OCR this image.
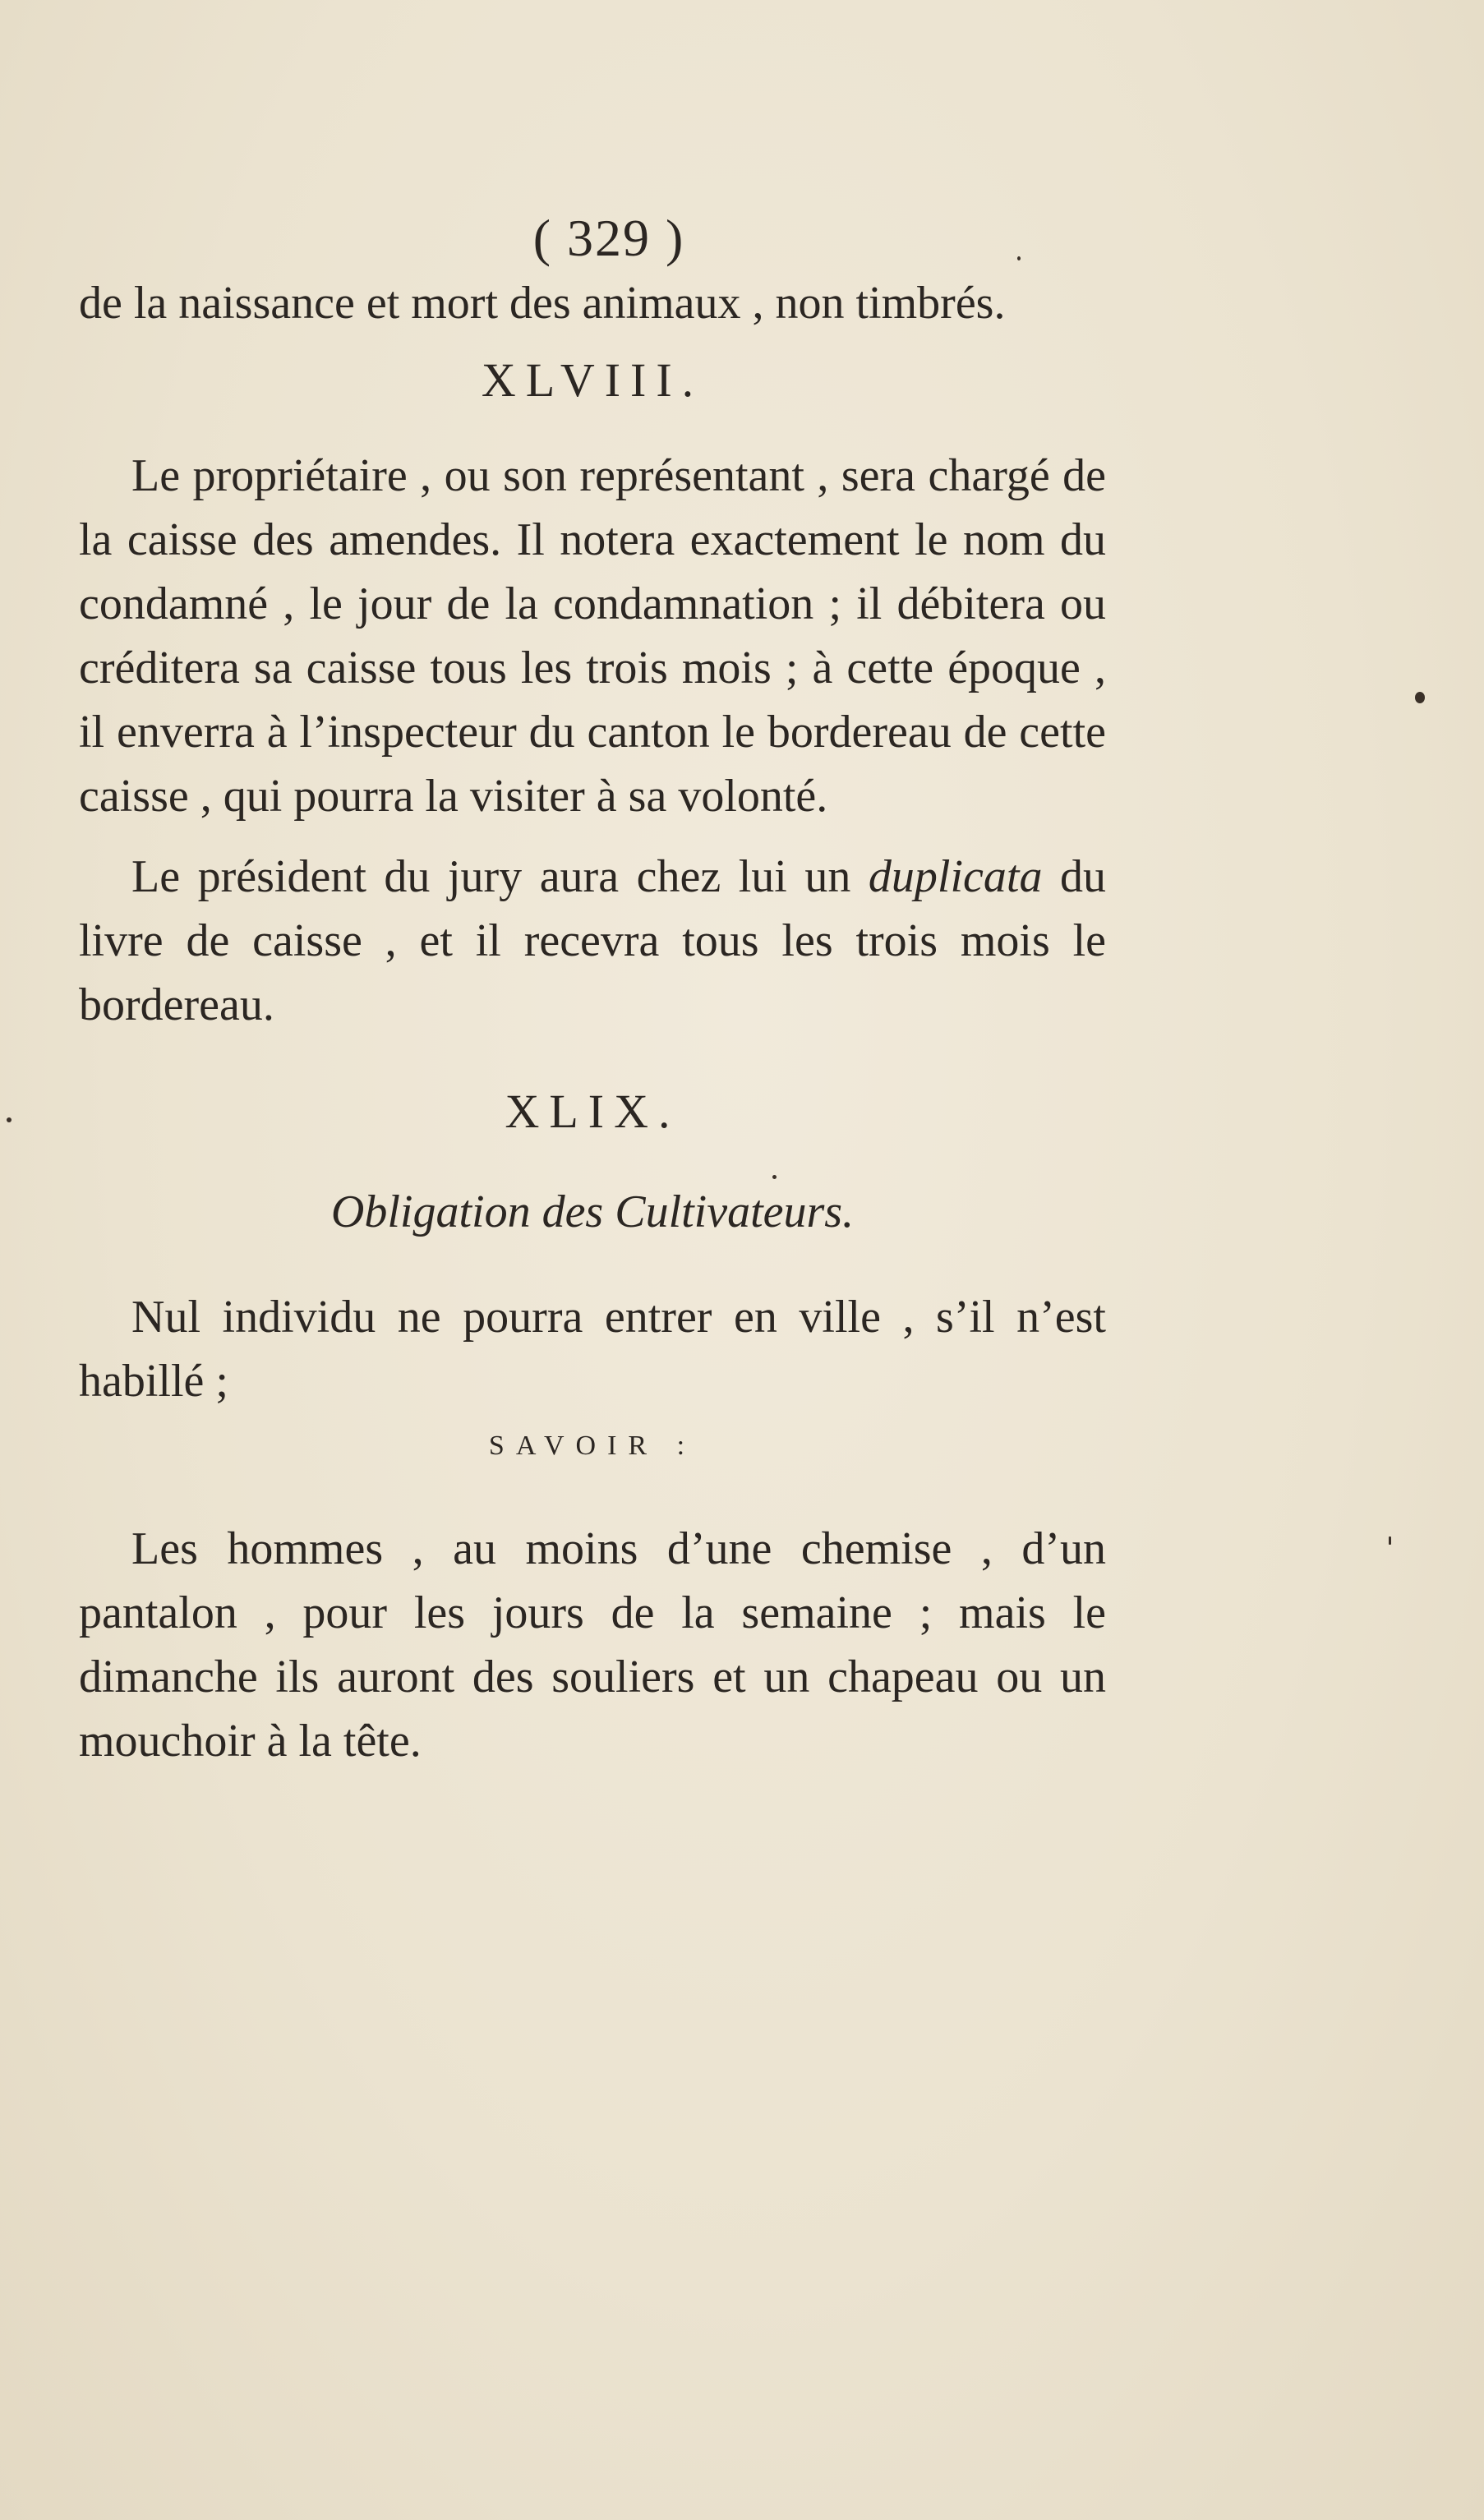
( 329 )

de la naissance et mort des animaux , non timbrés.

XLVIII.

Le propriétaire , ou son représentant , sera chargé de la caisse des amendes. Il notera exactement le nom du condamné , le jour de la condamnation ; il débitera ou créditera sa caisse tous les trois mois ; à cette époque , il enverra à l’inspecteur du canton le bordereau de cette caisse , qui pourra la visiter à sa volonté.

Le président du jury aura chez lui un duplicata du livre de caisse , et il recevra tous les trois mois le bordereau.

XLIX.
Obligation des Cultivateurs.

Nul individu ne pourra entrer en ville , s’il n’est habillé ;

SAVOIR :

Les hommes , au moins d’une chemise , d’un pantalon , pour les jours de la semaine ; mais le dimanche ils auront des souliers et un chapeau ou un mouchoir à la tête.
